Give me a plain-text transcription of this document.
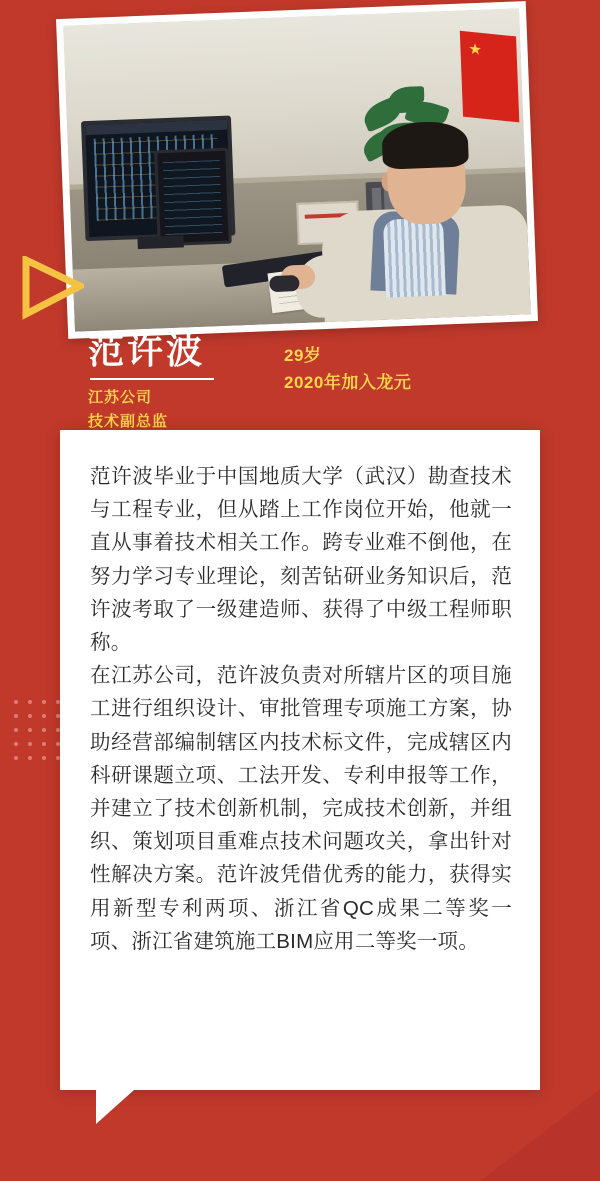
★
范许波
江苏公司
技术副总监
29岁
2020年加入龙元

范许波毕业于中国地质大学（武汉）勘查技术与工程专业，但从踏上工作岗位开始，他就一直从事着技术相关工作。跨专业难不倒他，在努力学习专业理论，刻苦钻研业务知识后，范许波考取了一级建造师、获得了中级工程师职称。

在江苏公司，范许波负责对所辖片区的项目施工进行组织设计、审批管理专项施工方案，协助经营部编制辖区内技术标文件，完成辖区内科研课题立项、工法开发、专利申报等工作，并建立了技术创新机制，完成技术创新，并组织、策划项目重难点技术问题攻关，拿出针对性解决方案。范许波凭借优秀的能力，获得实用新型专利两项、浙江省QC成果二等奖一项、浙江省建筑施工BIM应用二等奖一项。
